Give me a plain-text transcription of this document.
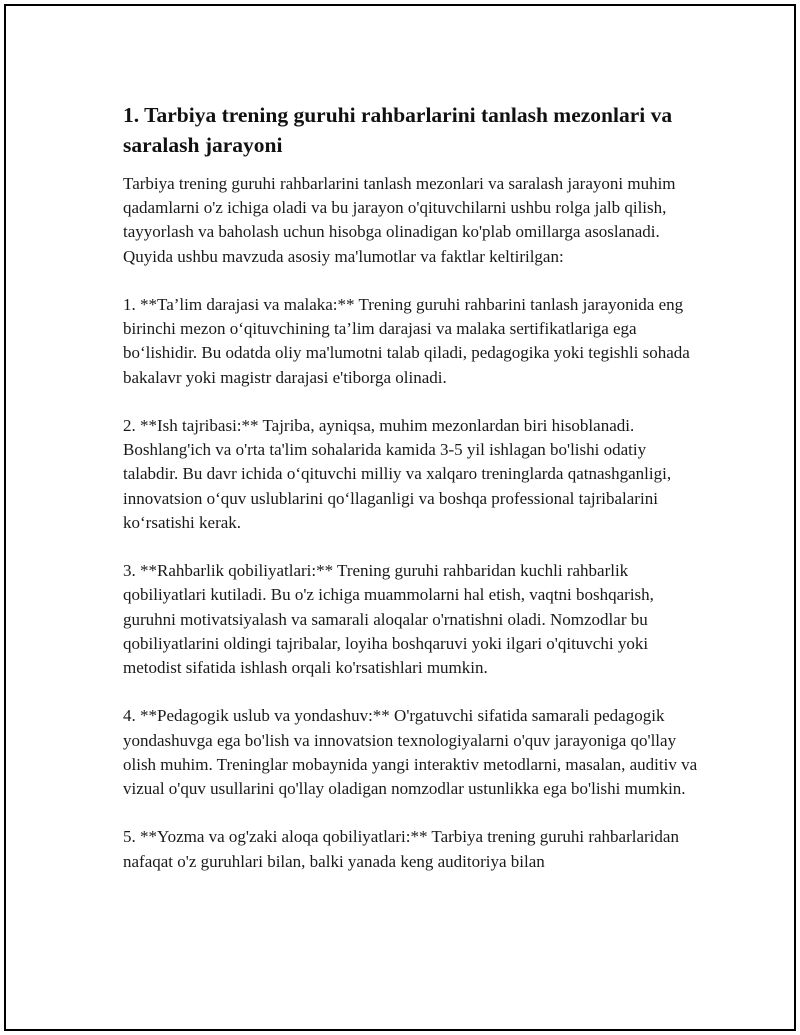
1. Tarbiya trening guruhi rahbarlarini tanlash mezonlari va saralash jarayoni

Tarbiya trening guruhi rahbarlarini tanlash mezonlari va saralash jarayoni muhim qadamlarni o'z ichiga oladi va bu jarayon o'qituvchilarni ushbu rolga jalb qilish, tayyorlash va baholash uchun hisobga olinadigan ko'plab omillarga asoslanadi. Quyida ushbu mavzuda asosiy ma'lumotlar va faktlar keltirilgan:

1. **Ta’lim darajasi va malaka:** Trening guruhi rahbarini tanlash jarayonida eng birinchi mezon o‘qituvchining ta’lim darajasi va malaka sertifikatlariga ega bo‘lishidir. Bu odatda oliy ma'lumotni talab qiladi, pedagogika yoki tegishli sohada bakalavr yoki magistr darajasi e'tiborga olinadi.

2. **Ish tajribasi:** Tajriba, ayniqsa, muhim mezonlardan biri hisoblanadi. Boshlang'ich va o'rta ta'lim sohalarida kamida 3-5 yil ishlagan bo'lishi odatiy talabdir. Bu davr ichida o‘qituvchi milliy va xalqaro treninglarda qatnashganligi, innovatsion o‘quv uslublarini qo‘llaganligi va boshqa professional tajribalarini ko‘rsatishi kerak.

3. **Rahbarlik qobiliyatlari:** Trening guruhi rahbaridan kuchli rahbarlik qobiliyatlari kutiladi. Bu o'z ichiga muammolarni hal etish, vaqtni boshqarish, guruhni motivatsiyalash va samarali aloqalar o'rnatishni oladi. Nomzodlar bu qobiliyatlarini oldingi tajribalar, loyiha boshqaruvi yoki ilgari o'qituvchi yoki metodist sifatida ishlash orqali ko'rsatishlari mumkin.

4. **Pedagogik uslub va yondashuv:** O'rgatuvchi sifatida samarali pedagogik yondashuvga ega bo'lish va innovatsion texnologiyalarni o'quv jarayoniga qo'llay olish muhim. Treninglar mobaynida yangi interaktiv metodlarni, masalan, auditiv va vizual o'quv usullarini qo'llay oladigan nomzodlar ustunlikka ega bo'lishi mumkin.

5. **Yozma va og'zaki aloqa qobiliyatlari:** Tarbiya trening guruhi rahbarlaridan nafaqat o'z guruhlari bilan, balki yanada keng auditoriya bilan
